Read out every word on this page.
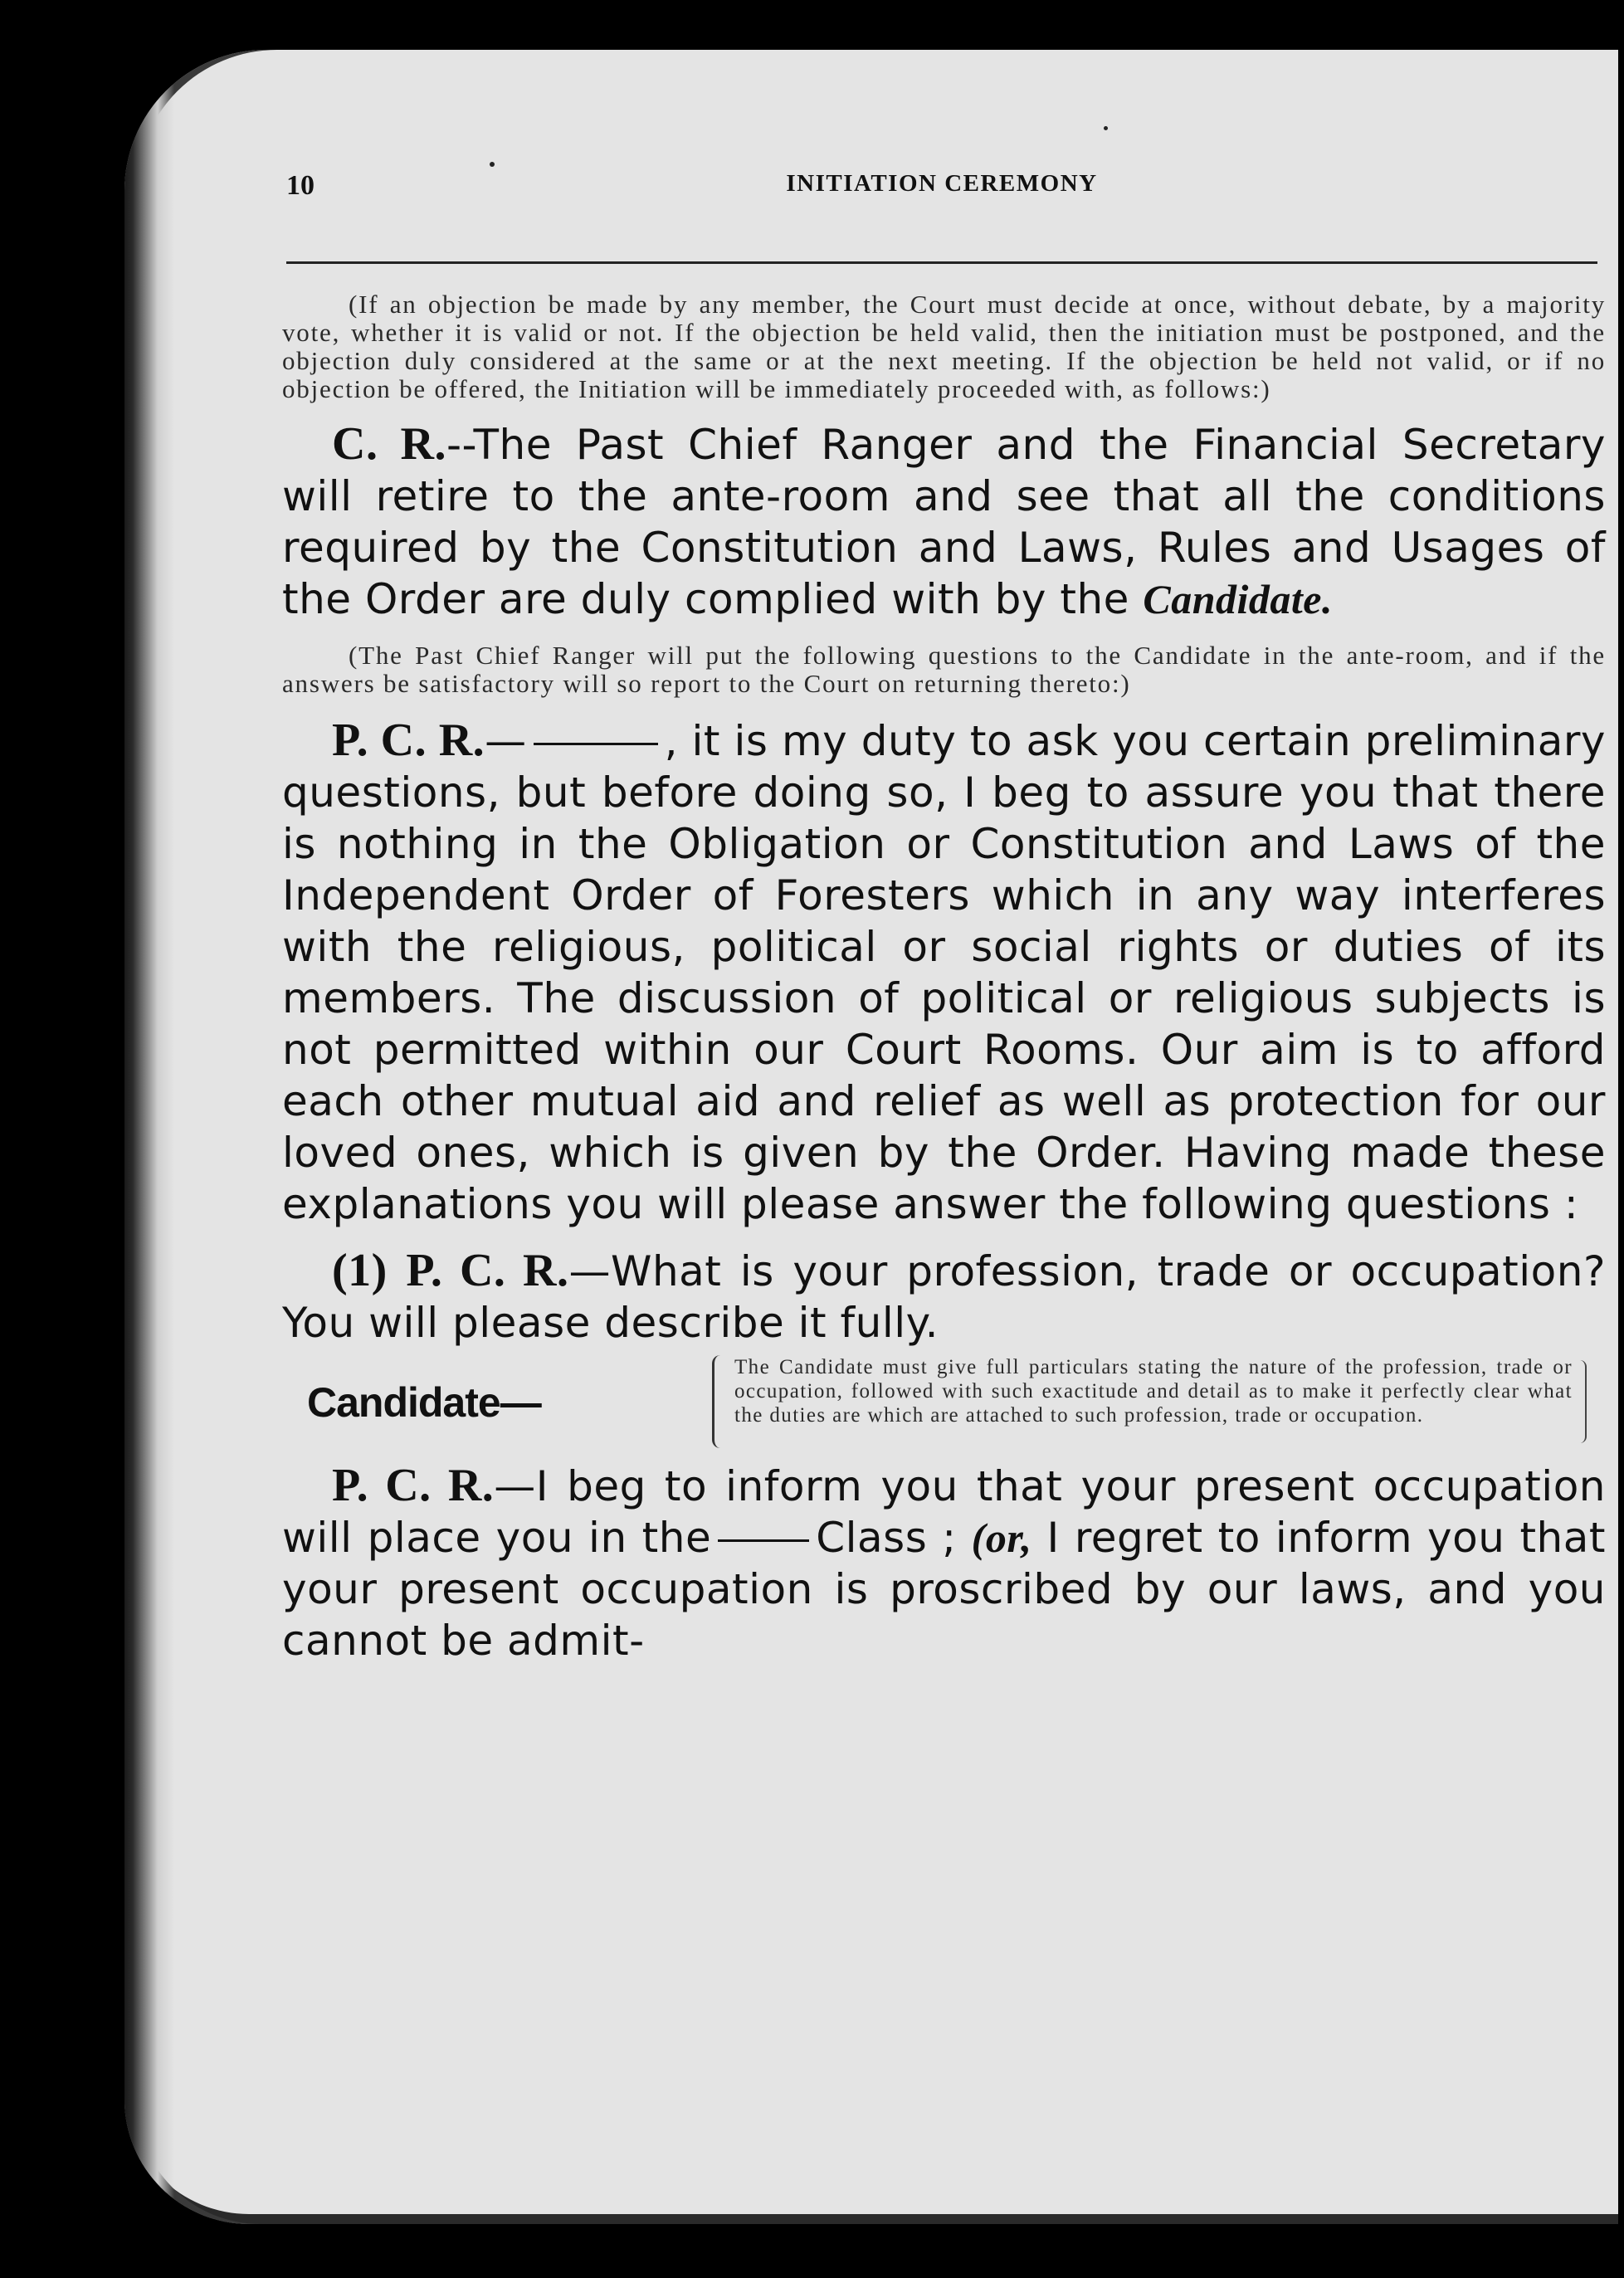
10	INITIATION CEREMONY

(If an objection be made by any member, the Court must decide at once, without debate, by a majority vote, whether it is valid or not. If the objection be held valid, then the initiation must be postponed, and the objection duly considered at the same or at the next meeting. If the objection be held not valid, or if no objection be offered, the Initiation will be immediately proceeded with, as follows:)

C. R.--The Past Chief Ranger and the Financial Secretary will retire to the ante-room and see that all the conditions required by the Constitution and Laws, Rules and Usages of the Order are duly complied with by the Candidate.

(The Past Chief Ranger will put the following questions to the Candidate in the ante-room, and if the answers be satisfactory will so report to the Court on returning thereto:)

P. C. R.—	, it is my duty to ask you certain preliminary questions, but before doing so, I beg to assure you that there is nothing in the Obligation or Constitution and Laws of the Independent Order of Foresters which in any way interferes with the religious, political or social rights or duties of its members. The discussion of political or religious subjects is not permitted within our Court Rooms. Our aim is to afford each other mutual aid and relief as well as protection for our loved ones, which is given by the Order. Having made these explanations you will please answer the following questions :

(1) P. C. R.—What is your profession, trade or occupation? You will please describe it fully.

Candidate—
The Candidate must give full particulars stating the nature of the profession, trade or occupation, followed with such exactitude and detail as to make it perfectly clear what the duties are which are attached to such profession, trade or occupation.

P. C. R.—I beg to inform you that your present occupation will place you in the	Class ; (or, I regret to inform you that your present occupation is proscribed by our laws, and you cannot be admit-
